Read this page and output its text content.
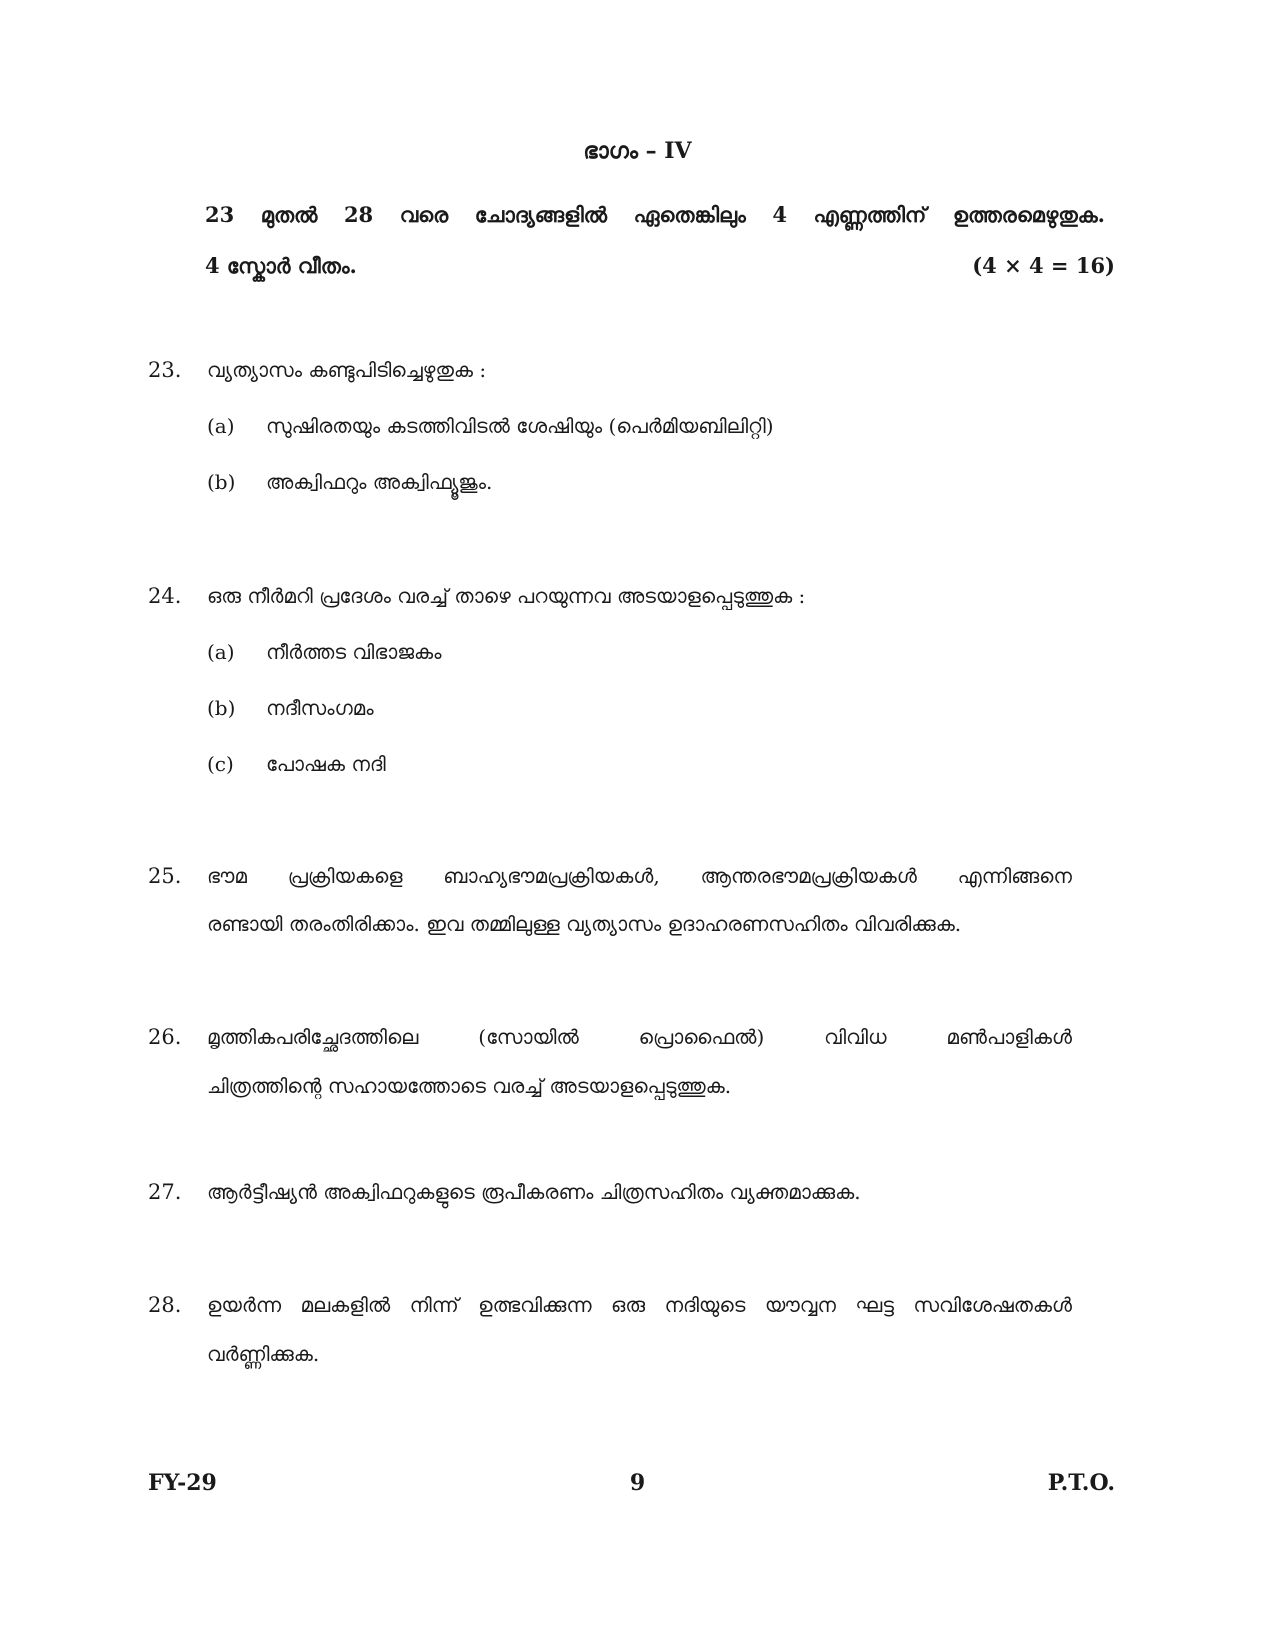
ഭാഗം – IV
23 മുതൽ 28 വരെ ചോദ്യങ്ങളിൽ ഏതെങ്കിലും 4 എണ്ണത്തിന് ഉത്തരമെഴുതുക.
4 സ്കോർ വീതം.	(4 × 4 = 16)
23. വ്യത്യാസം കണ്ടുപിടിച്ചെഴുതുക :
(a) സുഷിരതയും കടത്തിവിടൽ ശേഷിയും (പെർമിയബിലിറ്റി)
(b) അക്വിഫറും അക്വിഫ്യൂജും.
24. ഒരു നീർമറി പ്രദേശം വരച്ച് താഴെ പറയുന്നവ അടയാളപ്പെടുത്തുക :
(a) നീർത്തട വിഭാജകം
(b) നദീസംഗമം
(c) പോഷക നദി
25. ഭൗമ പ്രക്രിയകളെ ബാഹ്യഭൗമപ്രക്രിയകൾ, ആന്തരഭൗമപ്രക്രിയകൾ എന്നിങ്ങനെ
രണ്ടായി തരംതിരിക്കാം. ഇവ തമ്മിലുള്ള വ്യത്യാസം ഉദാഹരണസഹിതം വിവരിക്കുക.
26. മൃത്തികപരിച്ഛേദത്തിലെ (സോയിൽ പ്രൊഫൈൽ) വിവിധ മൺപാളികൾ
ചിത്രത്തിന്റെ സഹായത്തോടെ വരച്ച് അടയാളപ്പെടുത്തുക.
27. ആർട്ടീഷ്യൻ അക്വിഫറുകളുടെ രൂപീകരണം ചിത്രസഹിതം വ്യക്തമാക്കുക.
28. ഉയർന്ന മലകളിൽ നിന്ന് ഉത്ഭവിക്കുന്ന ഒരു നദിയുടെ യൗവ്വന ഘട്ട സവിശേഷതകൾ
വർണ്ണിക്കുക.
FY-29	9	P.T.O.
